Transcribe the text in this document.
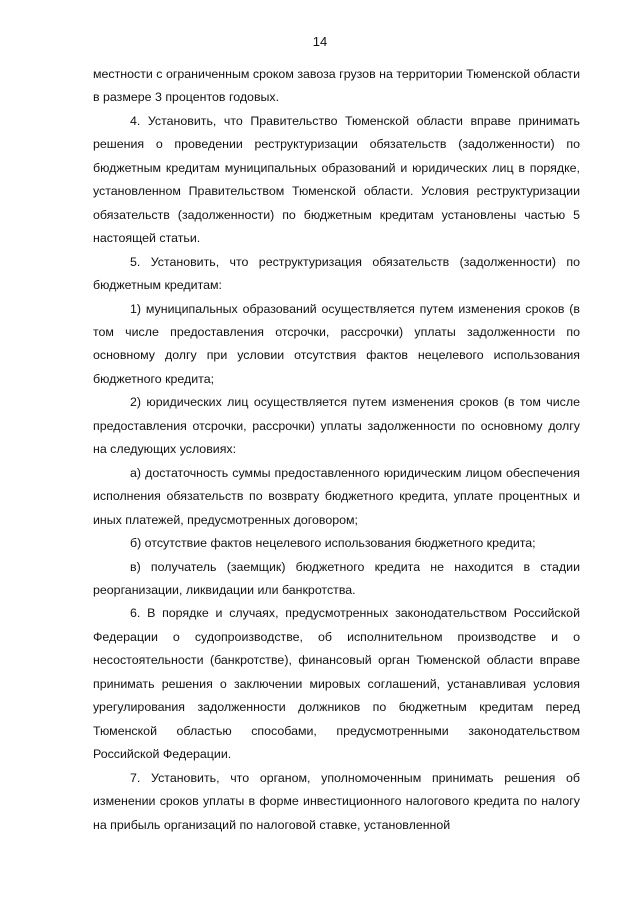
14

местности с ограниченным сроком завоза грузов на территории Тюменской области в размере 3 процентов годовых.

4. Установить, что Правительство Тюменской области вправе принимать решения о проведении реструктуризации обязательств (задолженности) по бюджетным кредитам муниципальных образований и юридических лиц в порядке, установленном Правительством Тюменской области. Условия реструктуризации обязательств (задолженности) по бюджетным кредитам установлены частью 5 настоящей статьи.

5. Установить, что реструктуризация обязательств (задолженности) по бюджетным кредитам:

1) муниципальных образований осуществляется путем изменения сроков (в том числе предоставления отсрочки, рассрочки) уплаты задолженности по основному долгу при условии отсутствия фактов нецелевого использования бюджетного кредита;

2) юридических лиц осуществляется путем изменения сроков (в том числе предоставления отсрочки, рассрочки) уплаты задолженности по основному долгу на следующих условиях:

а) достаточность суммы предоставленного юридическим лицом обеспечения исполнения обязательств по возврату бюджетного кредита, уплате процентных и иных платежей, предусмотренных договором;

б) отсутствие фактов нецелевого использования бюджетного кредита;

в) получатель (заемщик) бюджетного кредита не находится в стадии реорганизации, ликвидации или банкротства.

6. В порядке и случаях, предусмотренных законодательством Российской Федерации о судопроизводстве, об исполнительном производстве и о несостоятельности (банкротстве), финансовый орган Тюменской области вправе принимать решения о заключении мировых соглашений, устанавливая условия урегулирования задолженности должников по бюджетным кредитам перед Тюменской областью способами, предусмотренными законодательством Российской Федерации.

7. Установить, что органом, уполномоченным принимать решения об изменении сроков уплаты в форме инвестиционного налогового кредита по налогу на прибыль организаций по налоговой ставке, установленной
